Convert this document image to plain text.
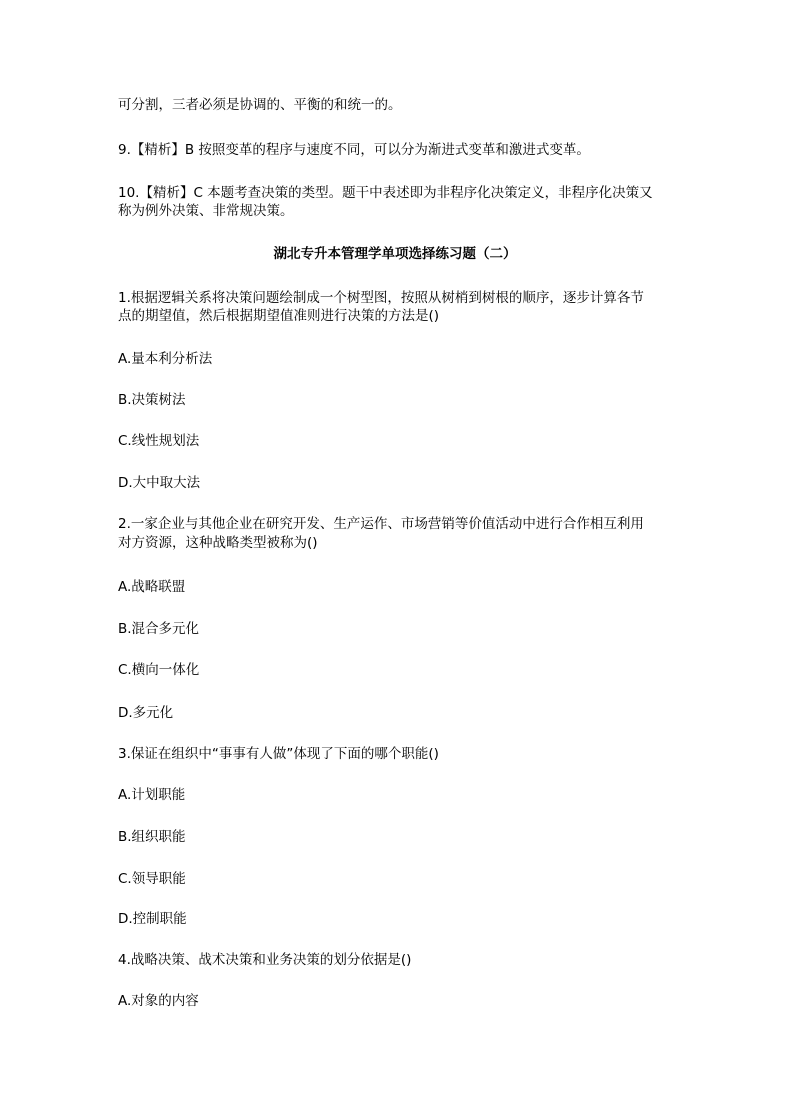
可分割，三者必须是协调的、平衡的和统一的。
9.【精析】B 按照变革的程序与速度不同，可以分为渐进式变革和激进式变革。
10.【精析】C 本题考查决策的类型。题干中表述即为非程序化决策定义，非程序化决策又
称为例外决策、非常规决策。
湖北专升本管理学单项选择练习题（二）
1.根据逻辑关系将决策问题绘制成一个树型图，按照从树梢到树根的顺序，逐步计算各节
点的期望值，然后根据期望值准则进行决策的方法是()
A.量本利分析法
B.决策树法
C.线性规划法
D.大中取大法
2.一家企业与其他企业在研究开发、生产运作、市场营销等价值活动中进行合作相互利用
对方资源，这种战略类型被称为()
A.战略联盟
B.混合多元化
C.横向一体化
D.多元化
3.保证在组织中“事事有人做”体现了下面的哪个职能()
A.计划职能
B.组织职能
C.领导职能
D.控制职能
4.战略决策、战术决策和业务决策的划分依据是()
A.对象的内容
